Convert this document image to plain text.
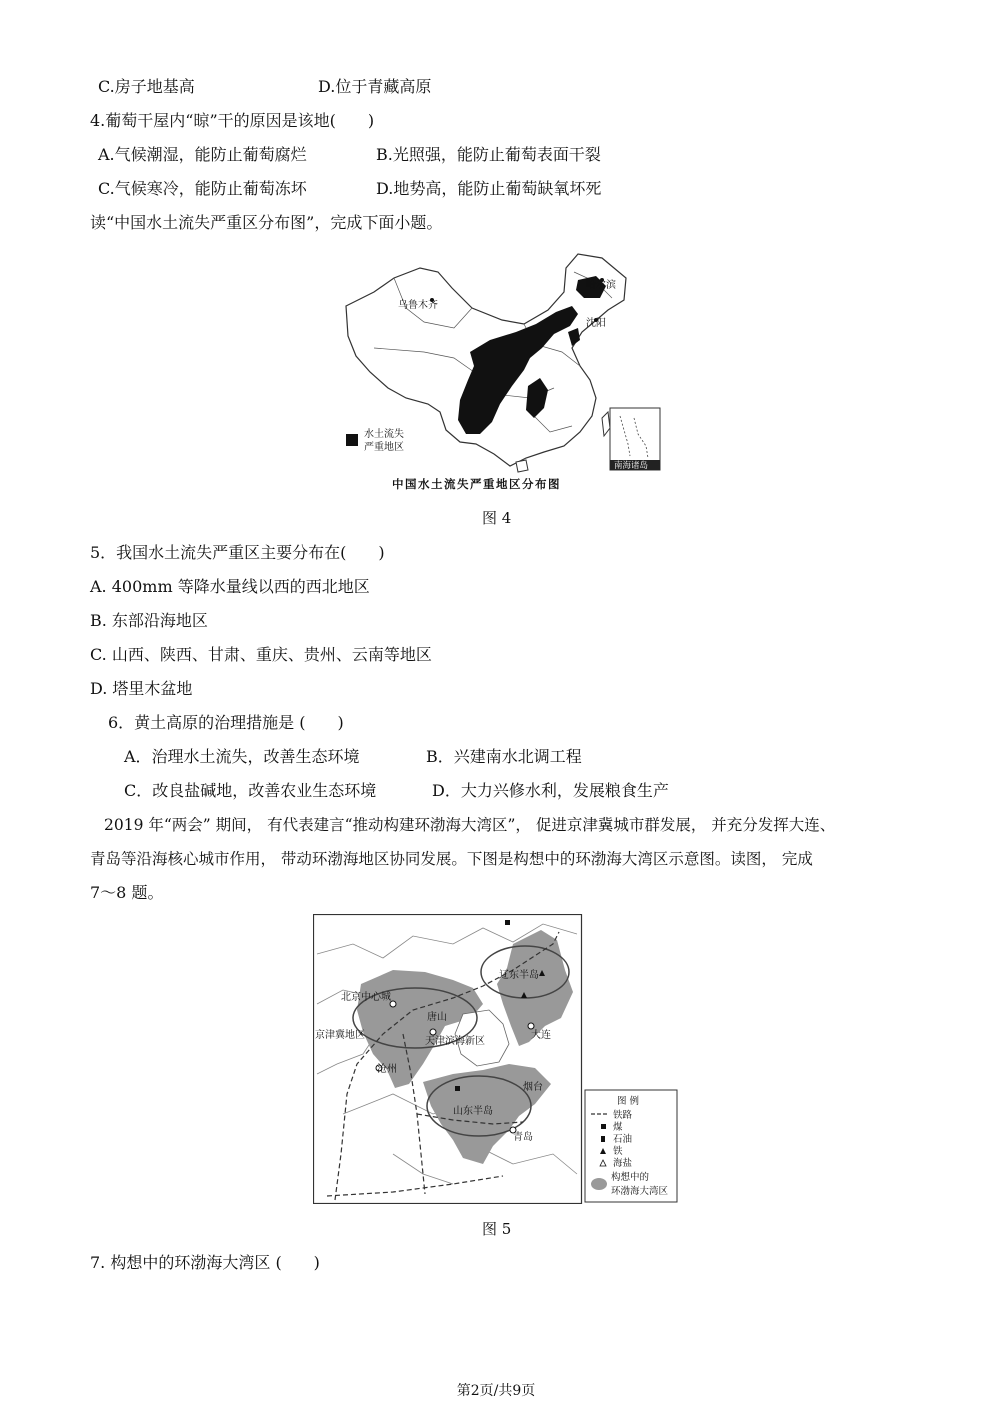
C.房子地基高	D.位于青藏高原
4.葡萄干屋内“晾”干的原因是该地(　　)
A.气候潮湿，能防止葡萄腐烂	B.光照强，能防止葡萄表面干裂
C.气候寒冷，能防止葡萄冻坏	D.地势高，能防止葡萄缺氧坏死
读“中国水土流失严重区分布图”，完成下面小题。
乌鲁木齐
哈尔滨
沈阳
南海诸岛
水土流失
严重地区
中国水土流失严重地区分布图
图 4
5．我国水土流失严重区主要分布在(　　)
A. 400mm 等降水量线以西的西北地区
B. 东部沿海地区
C. 山西、陕西、甘肃、重庆、贵州、云南等地区
D. 塔里木盆地
6．黄土高原的治理措施是 (　　)
A．治理水土流失，改善生态环境	B．兴建南水北调工程
C．改良盐碱地，改善农业生态环境	D．大力兴修水利，发展粮食生产
2019 年“两会” 期间， 有代表建言“推动构建环渤海大湾区”， 促进京津冀城市群发展， 并充分发挥大连、
青岛等沿海核心城市作用， 带动环渤海地区协同发展。下图是构想中的环渤海大湾区示意图。读图， 完成
7～8 题。
辽东半岛
北京中心城
唐山
京津冀地区
天津滨海新区
大连
沧州
烟台
山东半岛
青岛
图 例
铁路
煤
石油
铁
海盐
构想中的
环渤海大湾区
图 5
7. 构想中的环渤海大湾区 (　　)
第2页/共9页
